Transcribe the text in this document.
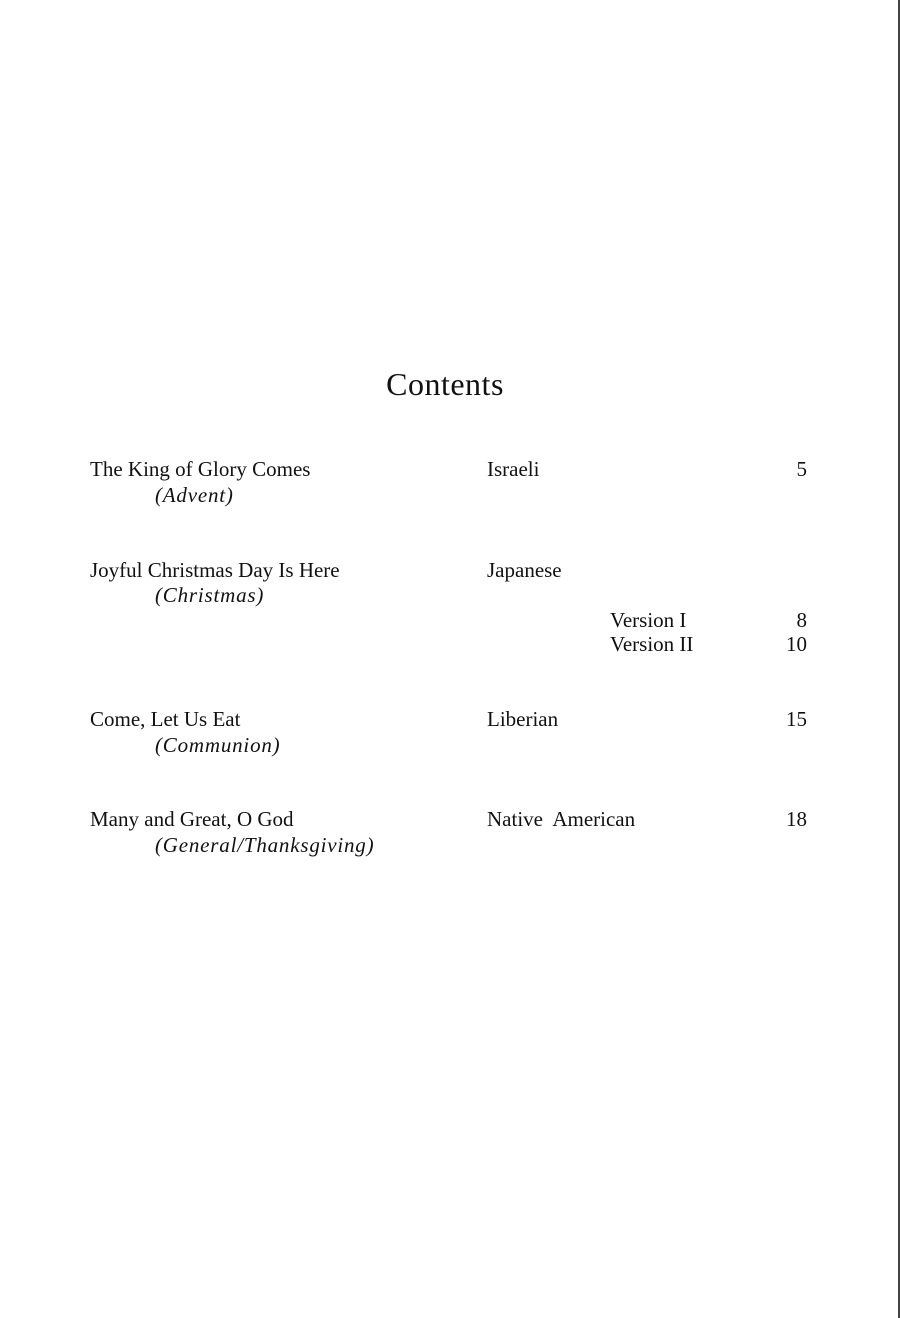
Contents
The King of Glory Comes
(Advent)
Israeli	5
Joyful Christmas Day Is Here
(Christmas)
Japanese
Version I	8
Version II	10
Come, Let Us Eat
(Communion)
Liberian	15
Many and Great, O God
(General/Thanksgiving)
Native  American	18
